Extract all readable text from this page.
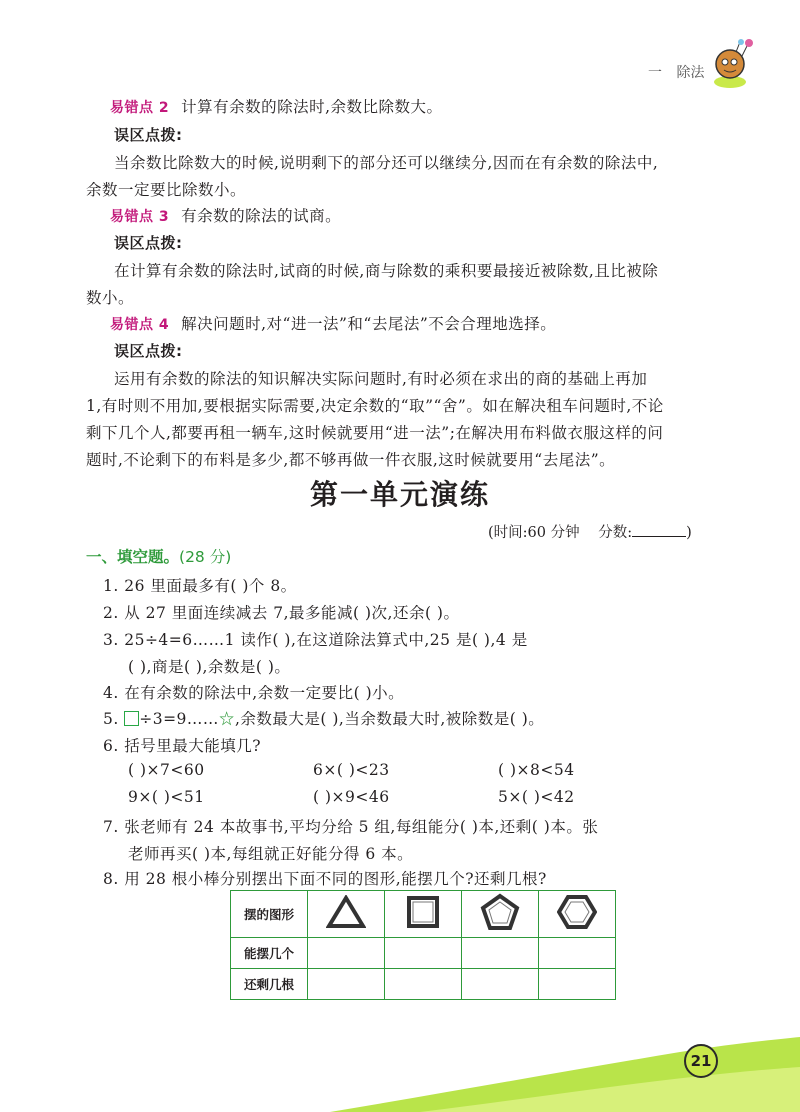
一 除法
易错点 2 计算有余数的除法时,余数比除数大。
误区点拨:
当余数比除数大的时候,说明剩下的部分还可以继续分,因而在有余数的除法中,
余数一定要比除数小。
易错点 3 有余数的除法的试商。
误区点拨:
在计算有余数的除法时,试商的时候,商与除数的乘积要最接近被除数,且比被除
数小。
易错点 4 解决问题时,对“进一法”和“去尾法”不会合理地选择。
误区点拨:
运用有余数的除法的知识解决实际问题时,有时必须在求出的商的基础上再加
1,有时则不用加,要根据实际需要,决定余数的“取”“舍”。如在解决租车问题时,不论
剩下几个人,都要再租一辆车,这时候就要用“进一法”;在解决用布料做衣服这样的问
题时,不论剩下的布料是多少,都不够再做一件衣服,这时候就要用“去尾法”。
第一单元演练
(时间:60 分钟 分数:	)
一、填空题。(28 分)
1. 26 里面最多有( )个 8。
2. 从 27 里面连续减去 7,最多能减( )次,还余( )。
3. 25÷4=6……1 读作( ),在这道除法算式中,25 是( ),4 是
( ),商是( ),余数是( )。
4. 在有余数的除法中,余数一定要比( )小。
5. ÷3=9……☆,余数最大是( ),当余数最大时,被除数是( )。
6. 括号里最大能填几?
( )×7<60	6×( )<23	( )×8<54
9×( )<51	( )×9<46	5×( )<42
7. 张老师有 24 本故事书,平均分给 5 组,每组能分( )本,还剩( )本。张
老师再买( )本,每组就正好能分得 6 本。
8. 用 28 根小棒分别摆出下面不同的图形,能摆几个?还剩几根?
摆的图形				
能摆几个				
还剩几根				
21
